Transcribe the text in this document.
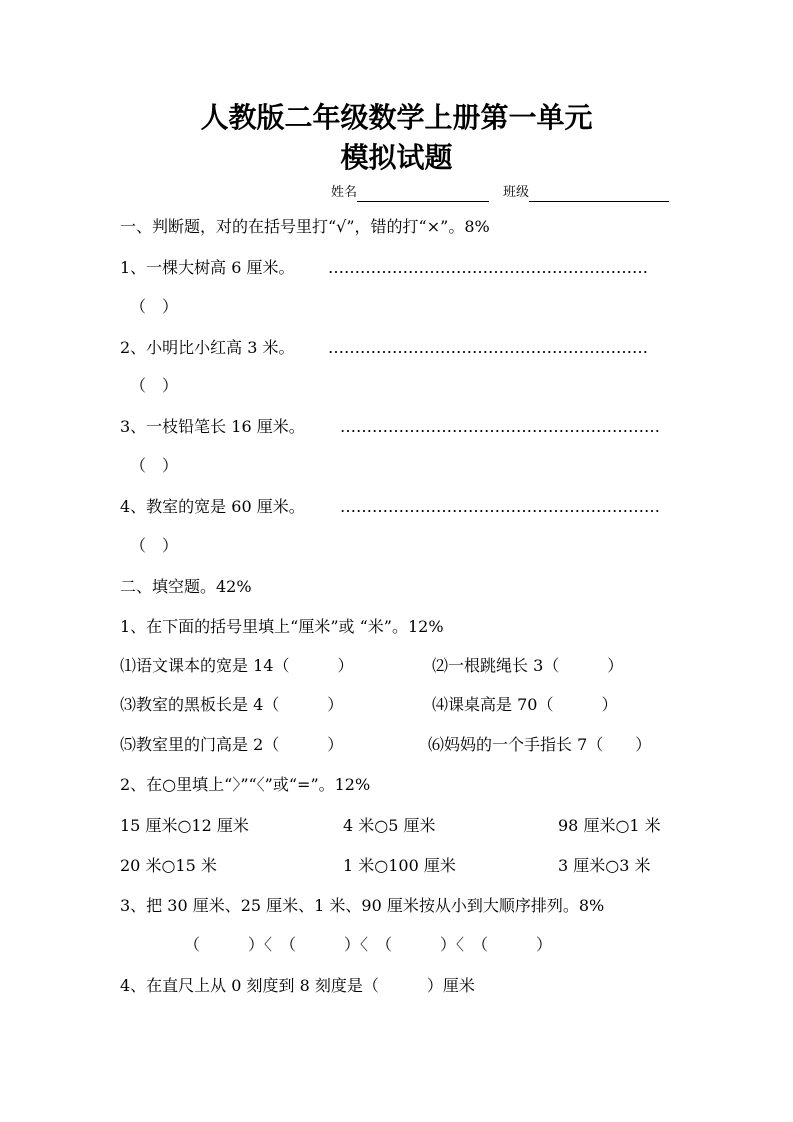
人教版二年级数学上册第一单元
模拟试题
姓名	班级
一、判断题，对的在括号里打“√”，错的打“×”。8%
1、一棵大树高 6 厘米。 ……………………………………………………
（　）
2、小明比小红高 3 米。 ……………………………………………………
（　）
3、一枝铅笔长 16 厘米。 ……………………………………………………
（　）
4、教室的宽是 60 厘米。 ……………………………………………………
（　）
二、填空题。42%
1、在下面的括号里填上“厘米”或 “米”。12%
⑴语文课本的宽是 14（　　　）	⑵一根跳绳长 3（　　　）
⑶教室的黑板长是 4（　　　）	⑷课桌高是 70（　　　）
⑸教室里的门高是 2（　　　）	⑹妈妈的一个手指长 7（　　）
2、在○里填上“〉”“〈”或“=”。12%
15 厘米○12 厘米	4 米○5 厘米	98 厘米○1 米
20 米○15 米	1 米○100 厘米	3 厘米○3 米
3、把 30 厘米、25 厘米、1 米、90 厘米按从小到大顺序排列。8%
（　　　）〈　（　　　）〈　（　　　）〈　（　　　）
4、在直尺上从 0 刻度到 8 刻度是（　　　）厘米
